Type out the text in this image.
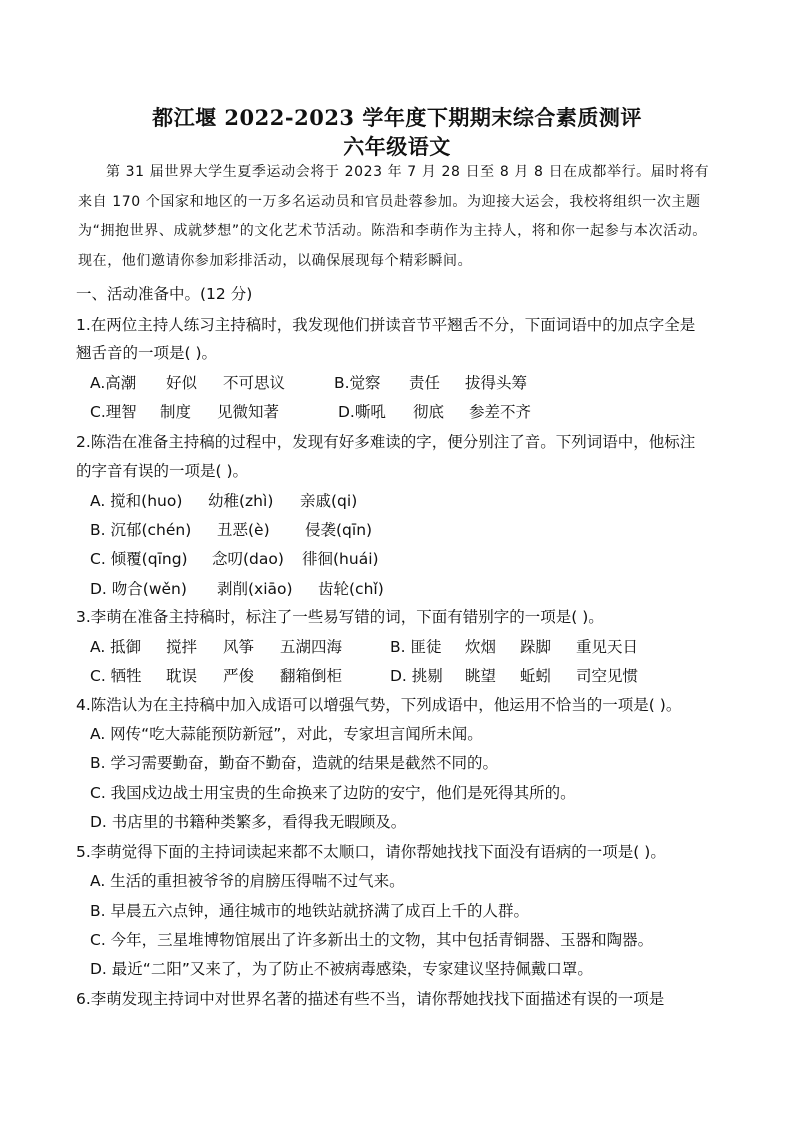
都江堰 2022-2023 学年度下期期末综合素质测评
六年级语文
第 31 届世界大学生夏季运动会将于 2023 年 7 月 28 日至 8 月 8 日在成都举行。届时将有来自 170 个国家和地区的一万多名运动员和官员赴蓉参加。为迎接大运会，我校将组织一次主题为“拥抱世界、成就梦想”的文化艺术节活动。陈浩和李萌作为主持人，将和你一起参与本次活动。现在，他们邀请你参加彩排活动，以确保展现每个精彩瞬间。
一、活动准备中。(12 分)
1.在两位主持人练习主持稿时，我发现他们拼读音节平翘舌不分，下面词语中的加点字全是
翘舌音的一项是( )。
A.高潮 好似 不可思议	B.觉察 责任 拔得头筹
C.理智 制度 见微知著	D.嘶吼 彻底 参差不齐
2.陈浩在准备主持稿的过程中，发现有好多难读的字，便分别注了音。下列词语中，他标注
的字音有误的一项是( )。
A. 搅和(huo) 幼稚(zhì) 亲戚(qi)
B. 沉郁(chén) 丑恶(è) 侵袭(qīn)
C. 倾覆(qīng) 念叨(dao) 徘徊(huái)
D. 吻合(wěn) 剥削(xiāo) 齿轮(chǐ)
3.李萌在准备主持稿时，标注了一些易写错的词，下面有错别字的一项是( )。
A. 抵御 搅拌 风筝 五湖四海	B. 匪徒 炊烟 跺脚 重见天日
C. 牺牲 耽误 严俊 翻箱倒柜	D. 挑剔 眺望 蚯蚓 司空见惯
4.陈浩认为在主持稿中加入成语可以增强气势，下列成语中，他运用不恰当的一项是( )。
A. 网传“吃大蒜能预防新冠”，对此，专家坦言闻所未闻。
B. 学习需要勤奋，勤奋不勤奋，造就的结果是截然不同的。
C. 我国戍边战士用宝贵的生命换来了边防的安宁，他们是死得其所的。
D. 书店里的书籍种类繁多，看得我无暇顾及。
5.李萌觉得下面的主持词读起来都不太顺口，请你帮她找找下面没有语病的一项是( )。
A. 生活的重担被爷爷的肩膀压得喘不过气来。
B. 早晨五六点钟，通往城市的地铁站就挤满了成百上千的人群。
C. 今年，三星堆博物馆展出了许多新出土的文物，其中包括青铜器、玉器和陶器。
D. 最近“二阳”又来了，为了防止不被病毒感染，专家建议坚持佩戴口罩。
6.李萌发现主持词中对世界名著的描述有些不当，请你帮她找找下面描述有误的一项是
